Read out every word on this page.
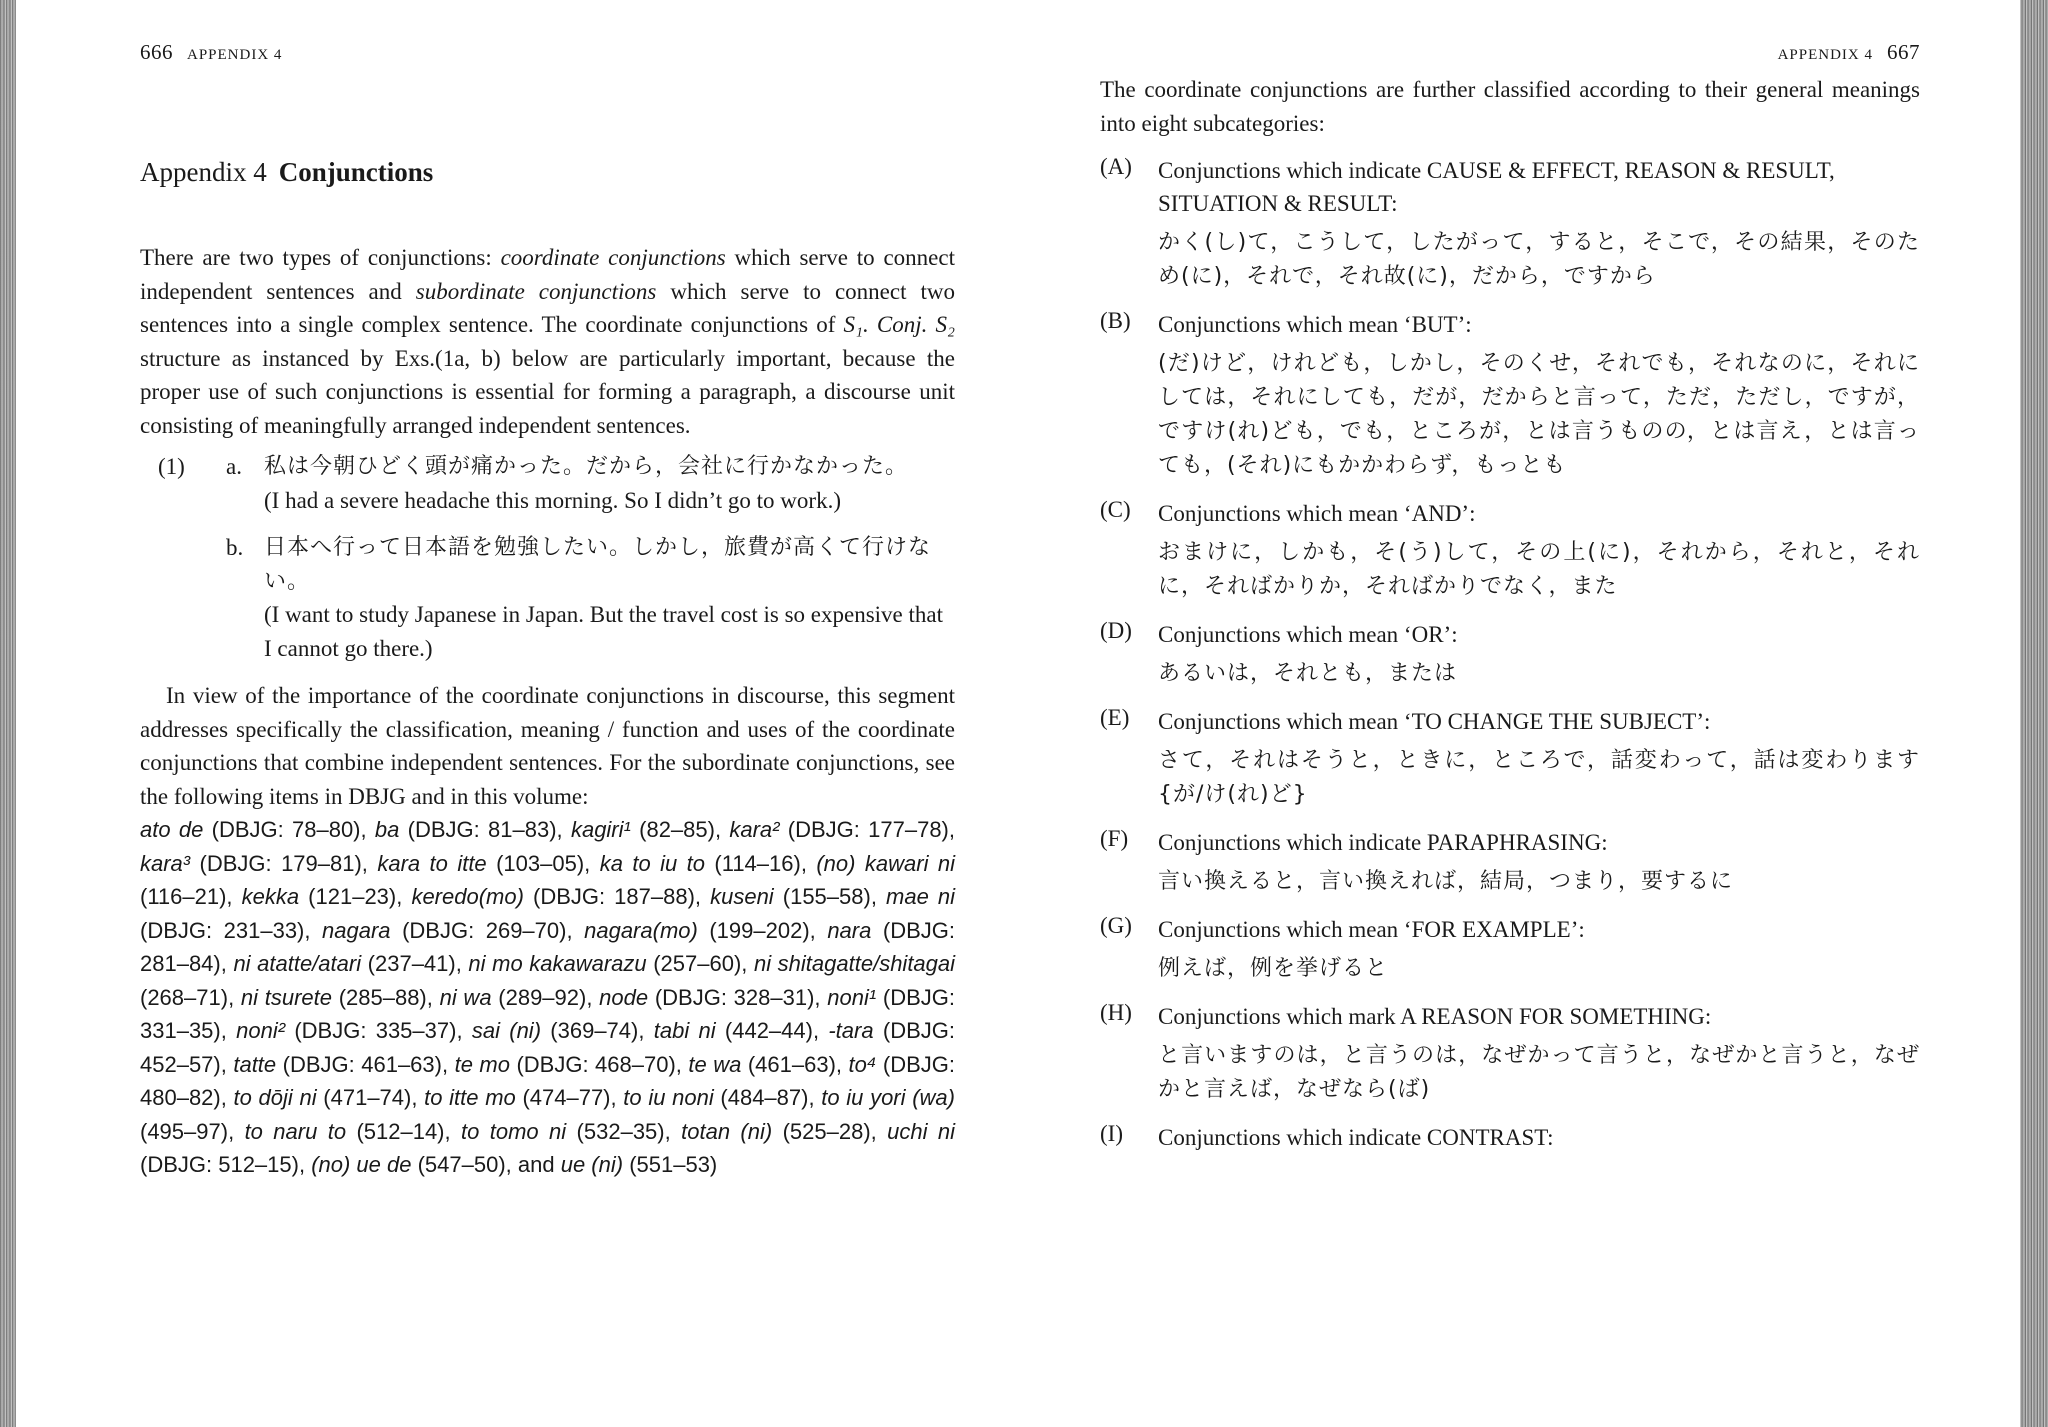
666 APPENDIX 4
Appendix 4 Conjunctions

There are two types of conjunctions: coordinate conjunctions which serve to connect independent sentences and subordinate conjunctions which serve to connect two sentences into a single complex sentence. The coordinate conjunctions of S₁. Conj. S₂ structure as instanced by Exs.(1a, b) below are particularly important, because the proper use of such conjunctions is essential for forming a paragraph, a discourse unit consisting of meaningfully arranged independent sentences.

(1)	a.	私は今朝ひどく頭が痛かった。だから，会社に行かなかった。
(I had a severe headache this morning. So I didn’t go to work.)
b. 日本へ行って日本語を勉強したい。しかし，旅費が高くて行けない。
(I want to study Japanese in Japan. But the travel cost is so expensive that I cannot go there.)

In view of the importance of the coordinate conjunctions in discourse, this segment addresses specifically the classification, meaning / function and uses of the coordinate conjunctions that combine independent sentences. For the subordinate conjunctions, see the following items in DBJG and in this volume:

ato de (DBJG: 78–80), ba (DBJG: 81–83), kagiri¹ (82–85), kara² (DBJG: 177–78), kara³ (DBJG: 179–81), kara to itte (103–05), ka to iu to (114–16), (no) kawari ni (116–21), kekka (121–23), keredo(mo) (DBJG: 187–88), kuseni (155–58), mae ni (DBJG: 231–33), nagara (DBJG: 269–70), nagara(mo) (199–202), nara (DBJG: 281–84), ni atatte/atari (237–41), ni mo kakawarazu (257–60), ni shitagatte/shitagai (268–71), ni tsurete (285–88), ni wa (289–92), node (DBJG: 328–31), noni¹ (DBJG: 331–35), noni² (DBJG: 335–37), sai (ni) (369–74), tabi ni (442–44), -tara (DBJG: 452–57), tatte (DBJG: 461–63), te mo (DBJG: 468–70), te wa (461–63), to⁴ (DBJG: 480–82), to dōji ni (471–74), to itte mo (474–77), to iu noni (484–87), to iu yori (wa) (495–97), to naru to (512–14), to tomo ni (532–35), totan (ni) (525–28), uchi ni (DBJG: 512–15), (no) ue de (547–50), and ue (ni) (551–53)

APPENDIX 4 667

The coordinate conjunctions are further classified according to their general meanings into eight subcategories:

(A)	Conjunctions which indicate CAUSE & EFFECT, REASON & RESULT, SITUATION & RESULT:
かく(し)て，こうして，したがって，すると，そこで，その結果，そのため(に)，それで，それ故(に)，だから，ですから
(B)	Conjunctions which mean ‘BUT’:
(だ)けど，けれども，しかし，そのくせ，それでも，それなのに，それにしては，それにしても，だが，だからと言って，ただ，ただし，ですが，ですけ(れ)ども，でも，ところが，とは言うものの，とは言え，とは言っても，(それ)にもかかわらず，もっとも
(C)	Conjunctions which mean ‘AND’:
おまけに，しかも，そ(う)して，その上(に)，それから，それと，それに，そればかりか，そればかりでなく，また
(D)	Conjunctions which mean ‘OR’:
あるいは，それとも，または
(E)	Conjunctions which mean ‘TO CHANGE THE SUBJECT’:
さて，それはそうと，ときに，ところで，話変わって，話は変わります {が/け(れ)ど}
(F)	Conjunctions which indicate PARAPHRASING:
言い換えると，言い換えれば，結局，つまり，要するに
(G)	Conjunctions which mean ‘FOR EXAMPLE’:
例えば，例を挙げると
(H)	Conjunctions which mark A REASON FOR SOMETHING:
と言いますのは，と言うのは，なぜかって言うと，なぜかと言うと，なぜかと言えば，なぜなら(ば)
(I)	Conjunctions which indicate CONTRAST:
